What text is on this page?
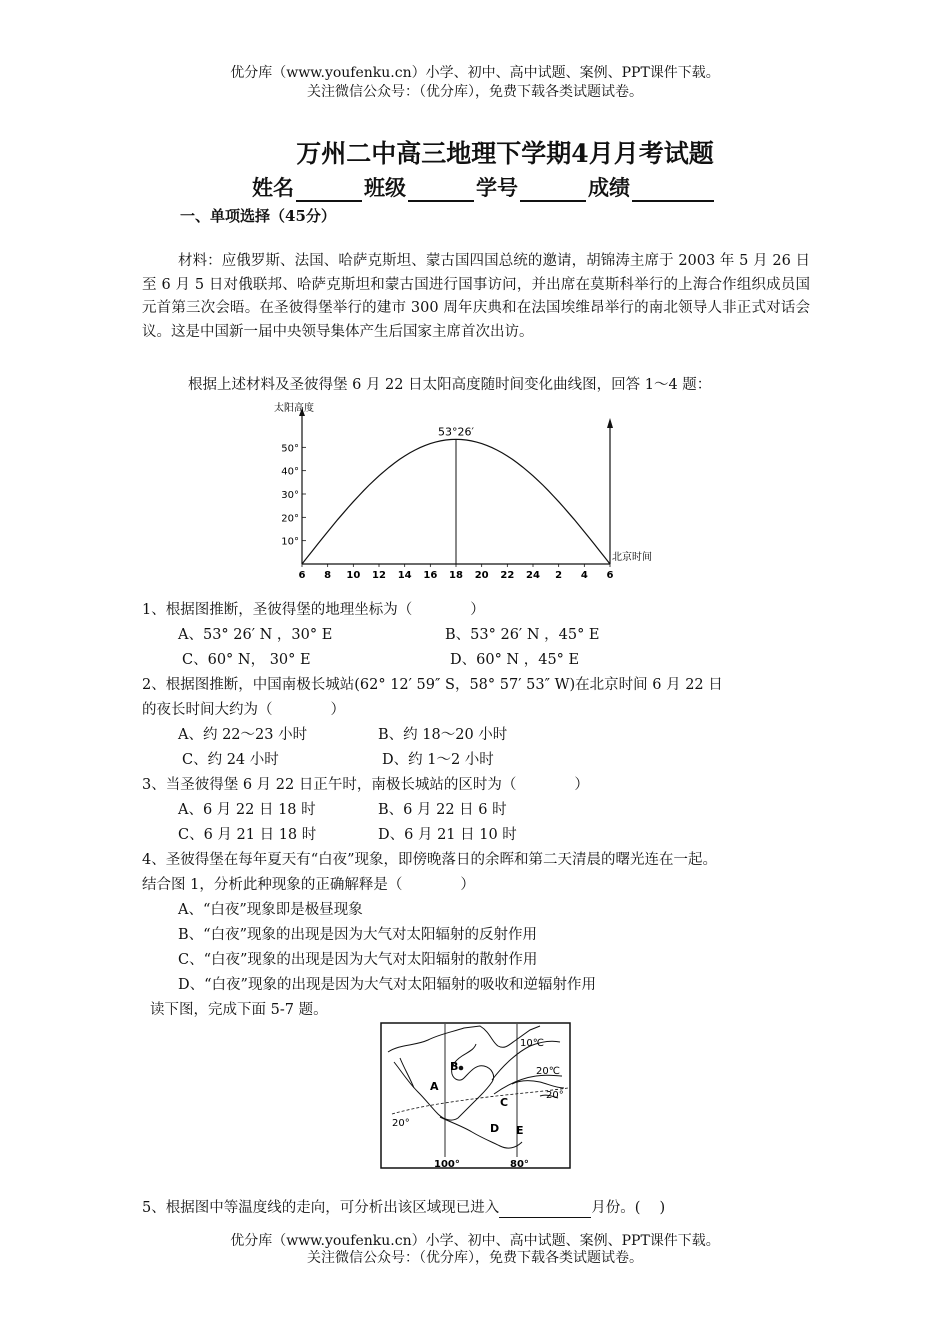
优分库（www.youfenku.cn）小学、初中、高中试题、案例、PPT课件下载。
关注微信公众号：（优分库），免费下载各类试题试卷。
万州二中高三地理下学期4月月考试题
姓名	班级	学号	成绩
一、单项选择（45分）
材料：应俄罗斯、法国、哈萨克斯坦、蒙古国四国总统的邀请，胡锦涛主席于 2003 年 5 月 26 日至 6 月 5 日对俄联邦、哈萨克斯坦和蒙古国进行国事访问，并出席在莫斯科举行的上海合作组织成员国元首第三次会晤。在圣彼得堡举行的建市 300 周年庆典和在法国埃维昂举行的南北领导人非正式对话会议。这是中国新一届中央领导集体产生后国家主席首次出访。
根据上述材料及圣彼得堡 6 月 22 日太阳高度随时间变化曲线图，回答 1～4 题：
10°
20°
30°
40°
50°
6 8 10 12 14 16 18 20 22 24 2 4 6
53°26′
太阳高度
北京时间
1、根据图推断，圣彼得堡的地理坐标为（　　　　）
A、53° 26′ N ，30° E	B、53° 26′ N ，45° E
C、60° N， 30° E	D、60° N ，45° E
2、根据图推断，中国南极长城站(62° 12′ 59″ S，58° 57′ 53″ W)在北京时间 6 月 22 日
的夜长时间大约为（　　　　）
A、约 22～23 小时	B、约 18～20 小时
C、约 24 小时	D、约 1～2 小时
3、当圣彼得堡 6 月 22 日正午时，南极长城站的区时为（　　　　）
A、6 月 22 日 18 时	B、6 月 22 日 6 时
C、6 月 21 日 18 时	D、6 月 21 日 10 时
4、圣彼得堡在每年夏天有“白夜”现象，即傍晚落日的余晖和第二天清晨的曙光连在一起。
结合图 1，分析此种现象的正确解释是（　　　　）
A、“白夜”现象即是极昼现象
B、“白夜”现象的出现是因为大气对太阳辐射的反射作用
C、“白夜”现象的出现是因为大气对太阳辐射的散射作用
D、“白夜”现象的出现是因为大气对太阳辐射的吸收和逆辐射作用
读下图，完成下面 5-7 题。
10℃
20℃
20°
20°
A
B
C
D E
100°	80°
5、根据图中等温度线的走向，可分析出该区域现已进入	月份。(　 )
优分库（www.youfenku.cn）小学、初中、高中试题、案例、PPT课件下载。
关注微信公众号：（优分库），免费下载各类试题试卷。
